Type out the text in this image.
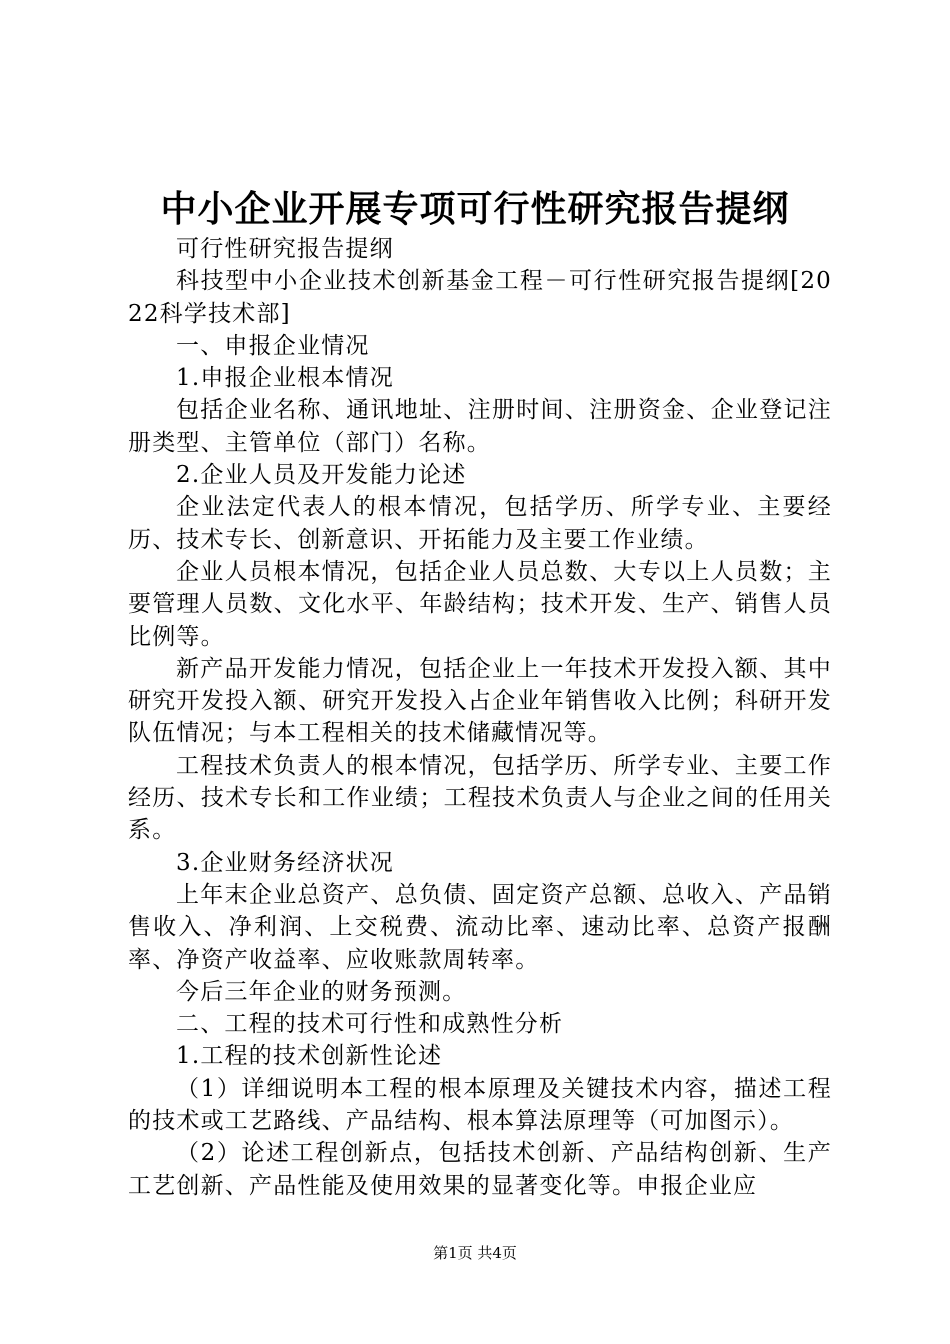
中小企业开展专项可行性研究报告提纲

可行性研究报告提纲

科技型中小企业技术创新基金工程－可行性研究报告提纲[2022科学技术部]

一、申报企业情况

1.申报企业根本情况

包括企业名称、通讯地址、注册时间、注册资金、企业登记注册类型、主管单位（部门）名称。

2.企业人员及开发能力论述

企业法定代表人的根本情况，包括学历、所学专业、主要经历、技术专长、创新意识、开拓能力及主要工作业绩。

企业人员根本情况，包括企业人员总数、大专以上人员数；主要管理人员数、文化水平、年龄结构；技术开发、生产、销售人员比例等。

新产品开发能力情况，包括企业上一年技术开发投入额、其中研究开发投入额、研究开发投入占企业年销售收入比例；科研开发队伍情况；与本工程相关的技术储藏情况等。

工程技术负责人的根本情况，包括学历、所学专业、主要工作经历、技术专长和工作业绩；工程技术负责人与企业之间的任用关系。

3.企业财务经济状况

上年末企业总资产、总负债、固定资产总额、总收入、产品销售收入、净利润、上交税费、流动比率、速动比率、总资产报酬率、净资产收益率、应收账款周转率。

今后三年企业的财务预测。

二、工程的技术可行性和成熟性分析

1.工程的技术创新性论述

（1）详细说明本工程的根本原理及关键技术内容，描述工程的技术或工艺路线、产品结构、根本算法原理等（可加图示）。

（2）论述工程创新点，包括技术创新、产品结构创新、生产工艺创新、产品性能及使用效果的显著变化等。申报企业应

第1页 共4页
